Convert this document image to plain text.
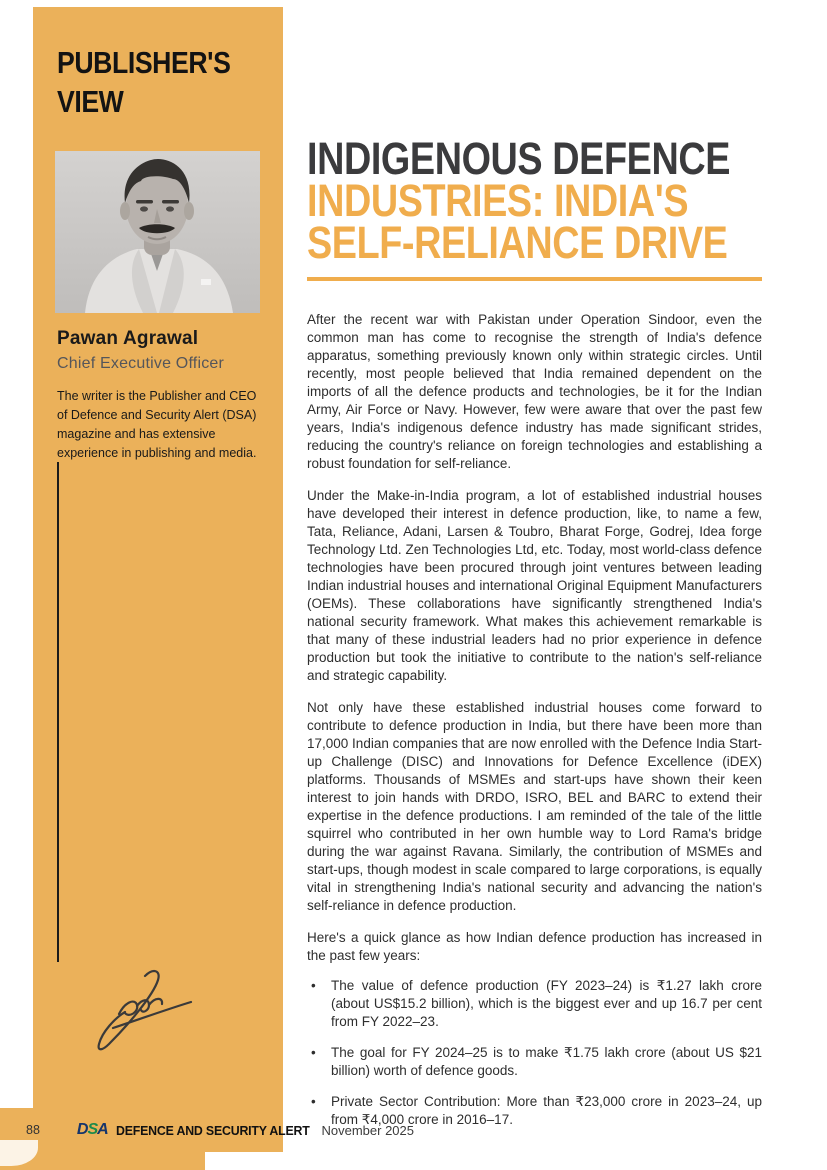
PUBLISHER'S
VIEW
Pawan Agrawal
Chief Executive Officer
The writer is the Publisher and CEO of Defence and Security Alert (DSA) magazine and has extensive experience in publishing and media.
INDIGENOUS DEFENCE
INDUSTRIES: INDIA'S
SELF-RELIANCE DRIVE

After the recent war with Pakistan under Operation Sindoor, even the common man has come to recognise the strength of India's defence apparatus, something previously known only within strategic circles. Until recently, most people believed that India remained dependent on the imports of all the defence products and technologies, be it for the Indian Army, Air Force or Navy. However, few were aware that over the past few years, India's indigenous defence industry has made significant strides, reducing the country's reliance on foreign technologies and establishing a robust foundation for self-reliance.

Under the Make-in-India program, a lot of established industrial houses have developed their interest in defence production, like, to name a few, Tata, Reliance, Adani, Larsen & Toubro, Bharat Forge, Godrej, Idea forge Technology Ltd. Zen Technologies Ltd, etc. Today, most world-class defence technologies have been procured through joint ventures between leading Indian industrial houses and international Original Equipment Manufacturers (OEMs). These collaborations have significantly strengthened India's national security framework. What makes this achievement remarkable is that many of these industrial leaders had no prior experience in defence production but took the initiative to contribute to the nation's self-reliance and strategic capability.

Not only have these established industrial houses come forward to contribute to defence production in India, but there have been more than 17,000 Indian companies that are now enrolled with the Defence India Start-up Challenge (DISC) and Innovations for Defence Excellence (iDEX) platforms. Thousands of MSMEs and start-ups have shown their keen interest to join hands with DRDO, ISRO, BEL and BARC to extend their expertise in the defence productions. I am reminded of the tale of the little squirrel who contributed in her own humble way to Lord Rama's bridge during the war against Ravana. Similarly, the contribution of MSMEs and start-ups, though modest in scale compared to large corporations, is equally vital in strengthening India's national security and advancing the nation's self-reliance in defence production.

Here's a quick glance as how Indian defence production has increased in the past few years:

• The value of defence production (FY 2023–24) is ₹1.27 lakh crore (about US$15.2 billion), which is the biggest ever and up 16.7 per cent from FY 2022–23.
• The goal for FY 2024–25 is to make ₹1.75 lakh crore (about US $21 billion) worth of defence goods.
• Private Sector Contribution: More than ₹23,000 crore in 2023–24, up from ₹4,000 crore in 2016–17.
88 DSA DEFENCE AND SECURITY ALERT November 2025
